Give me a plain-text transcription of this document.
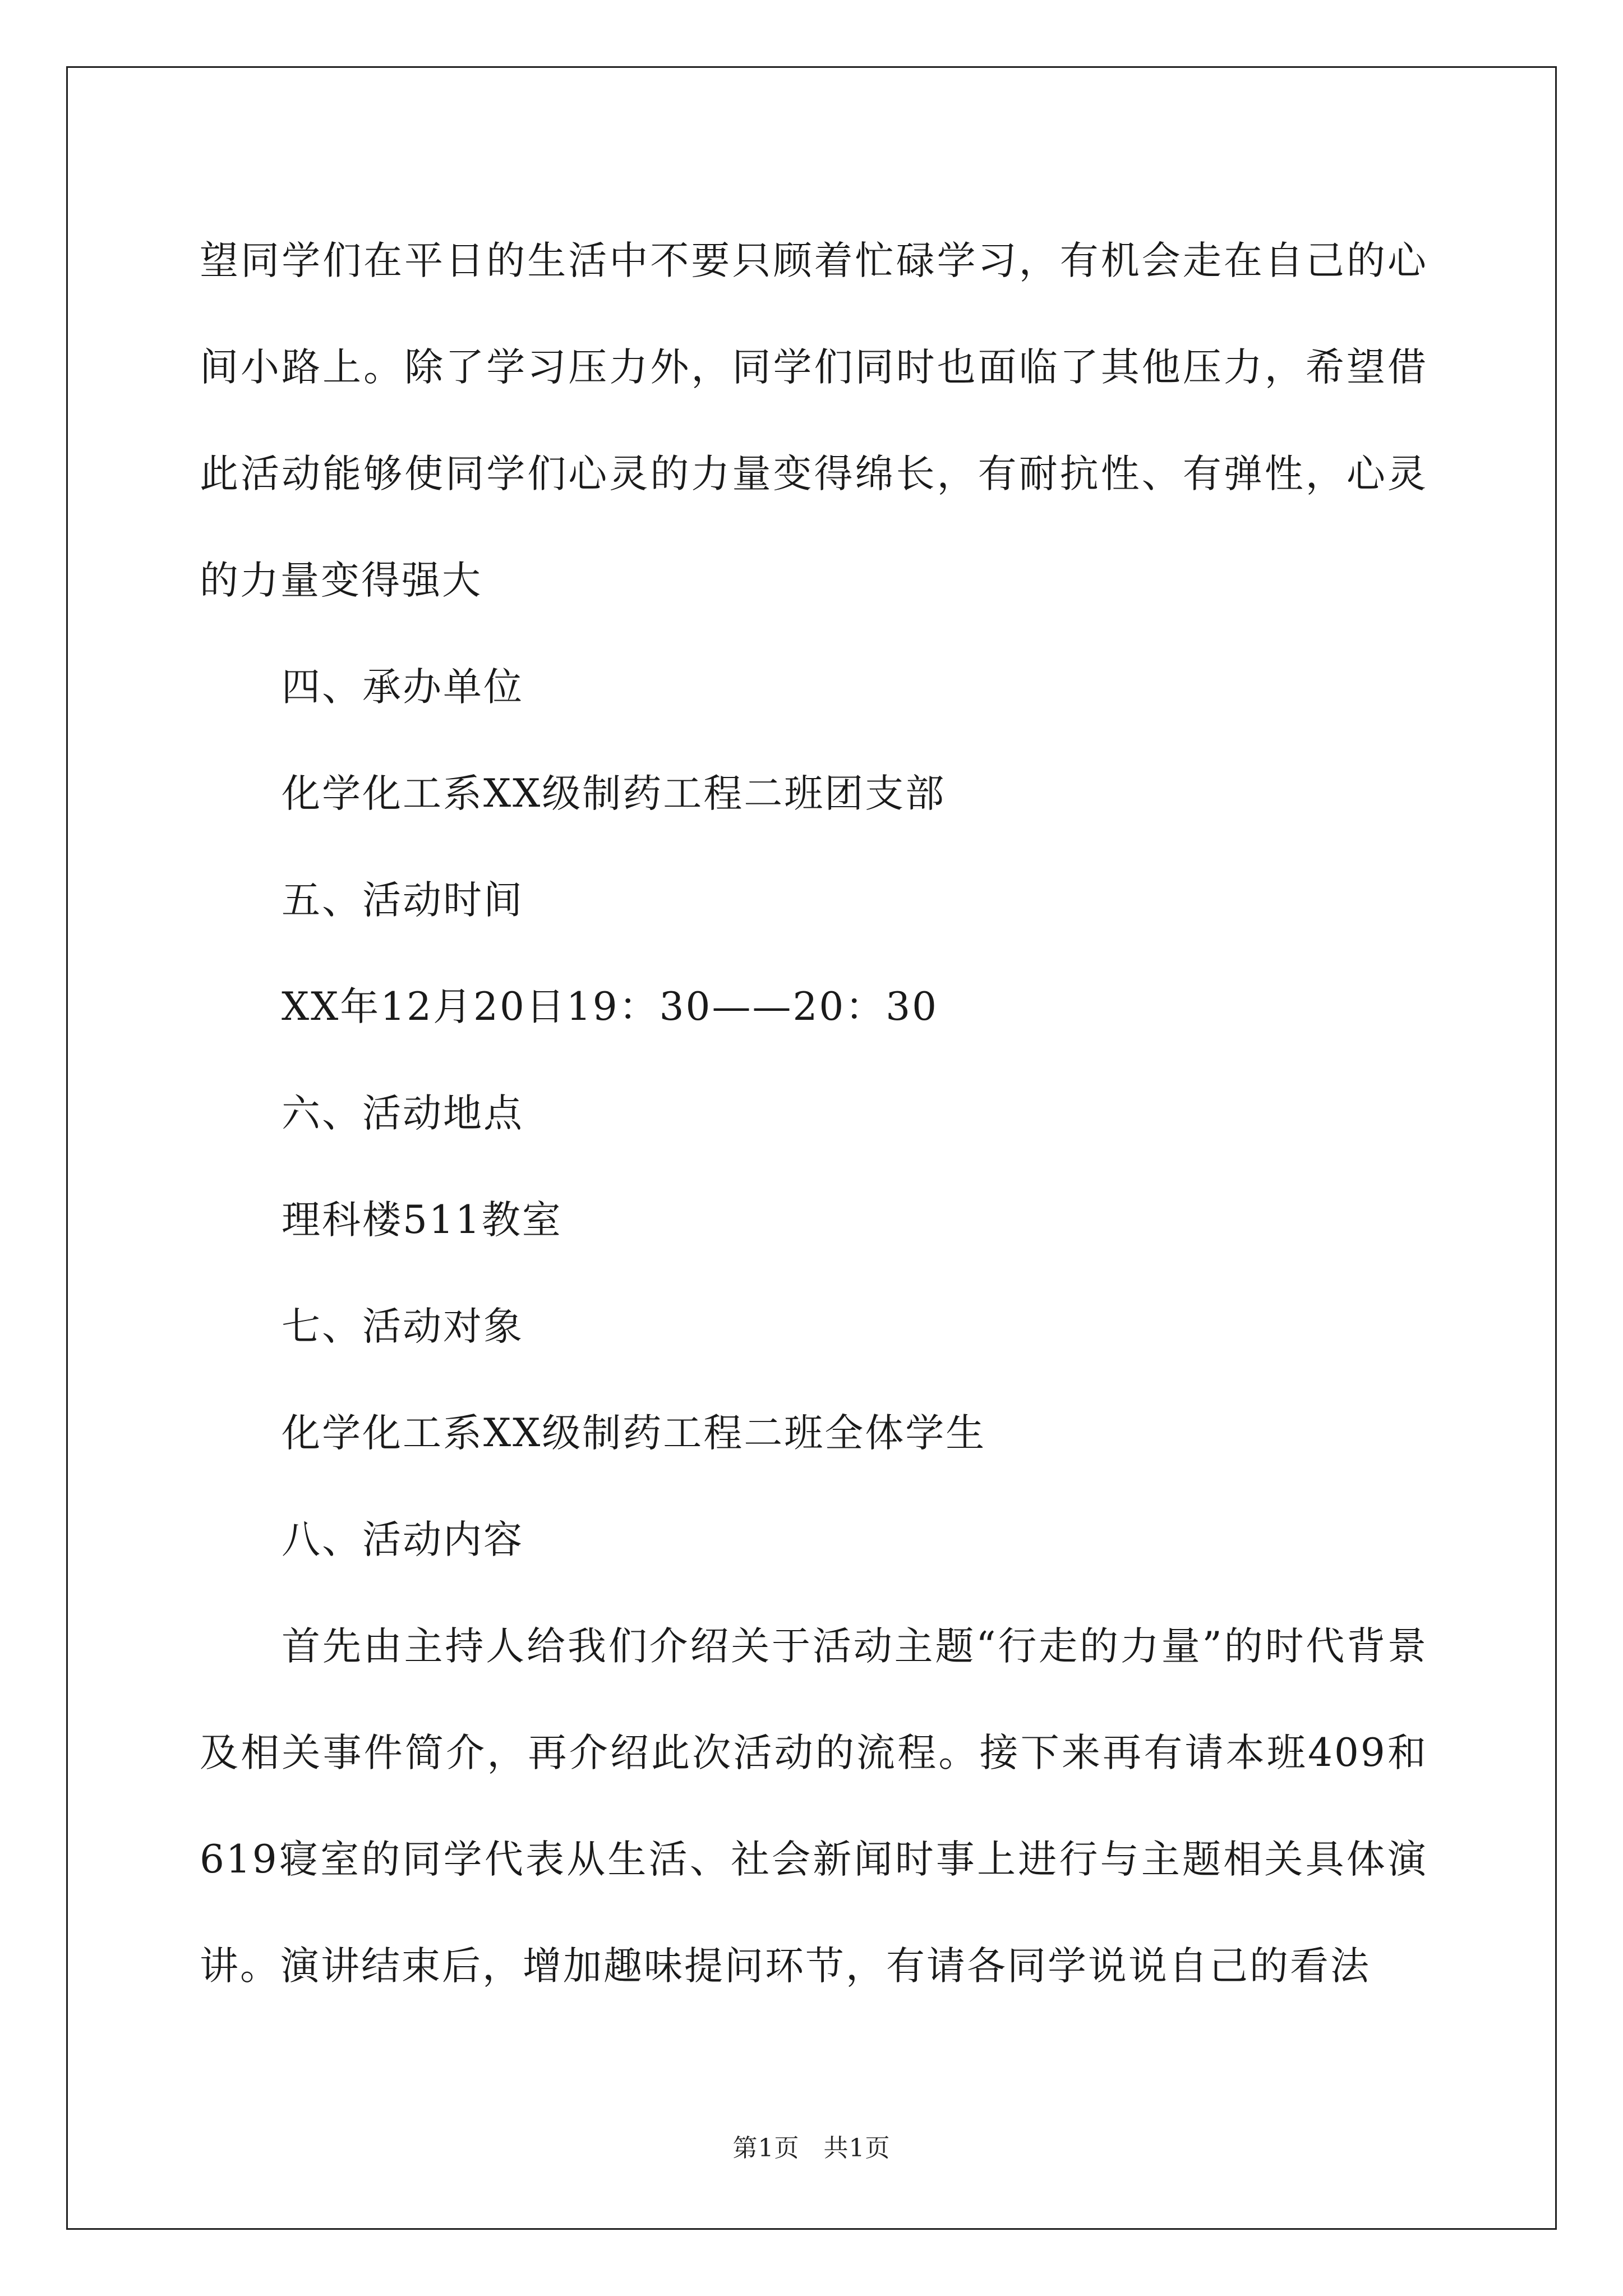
望同学们在平日的生活中不要只顾着忙碌学习，有机会走在自己的心间小路上。除了学习压力外，同学们同时也面临了其他压力，希望借此活动能够使同学们心灵的力量变得绵长，有耐抗性、有弹性，心灵的力量变得强大

四、承办单位

化学化工系XX级制药工程二班团支部

五、活动时间

XX年12月20日19：30——20：30

六、活动地点

理科楼511教室

七、活动对象

化学化工系XX级制药工程二班全体学生

八、活动内容

首先由主持人给我们介绍关于活动主题“行走的力量”的时代背景及相关事件简介，再介绍此次活动的流程。接下来再有请本班409和619寝室的同学代表从生活、社会新闻时事上进行与主题相关具体演讲。演讲结束后，增加趣味提问环节，有请各同学说说自己的看法

第1页 共1页
